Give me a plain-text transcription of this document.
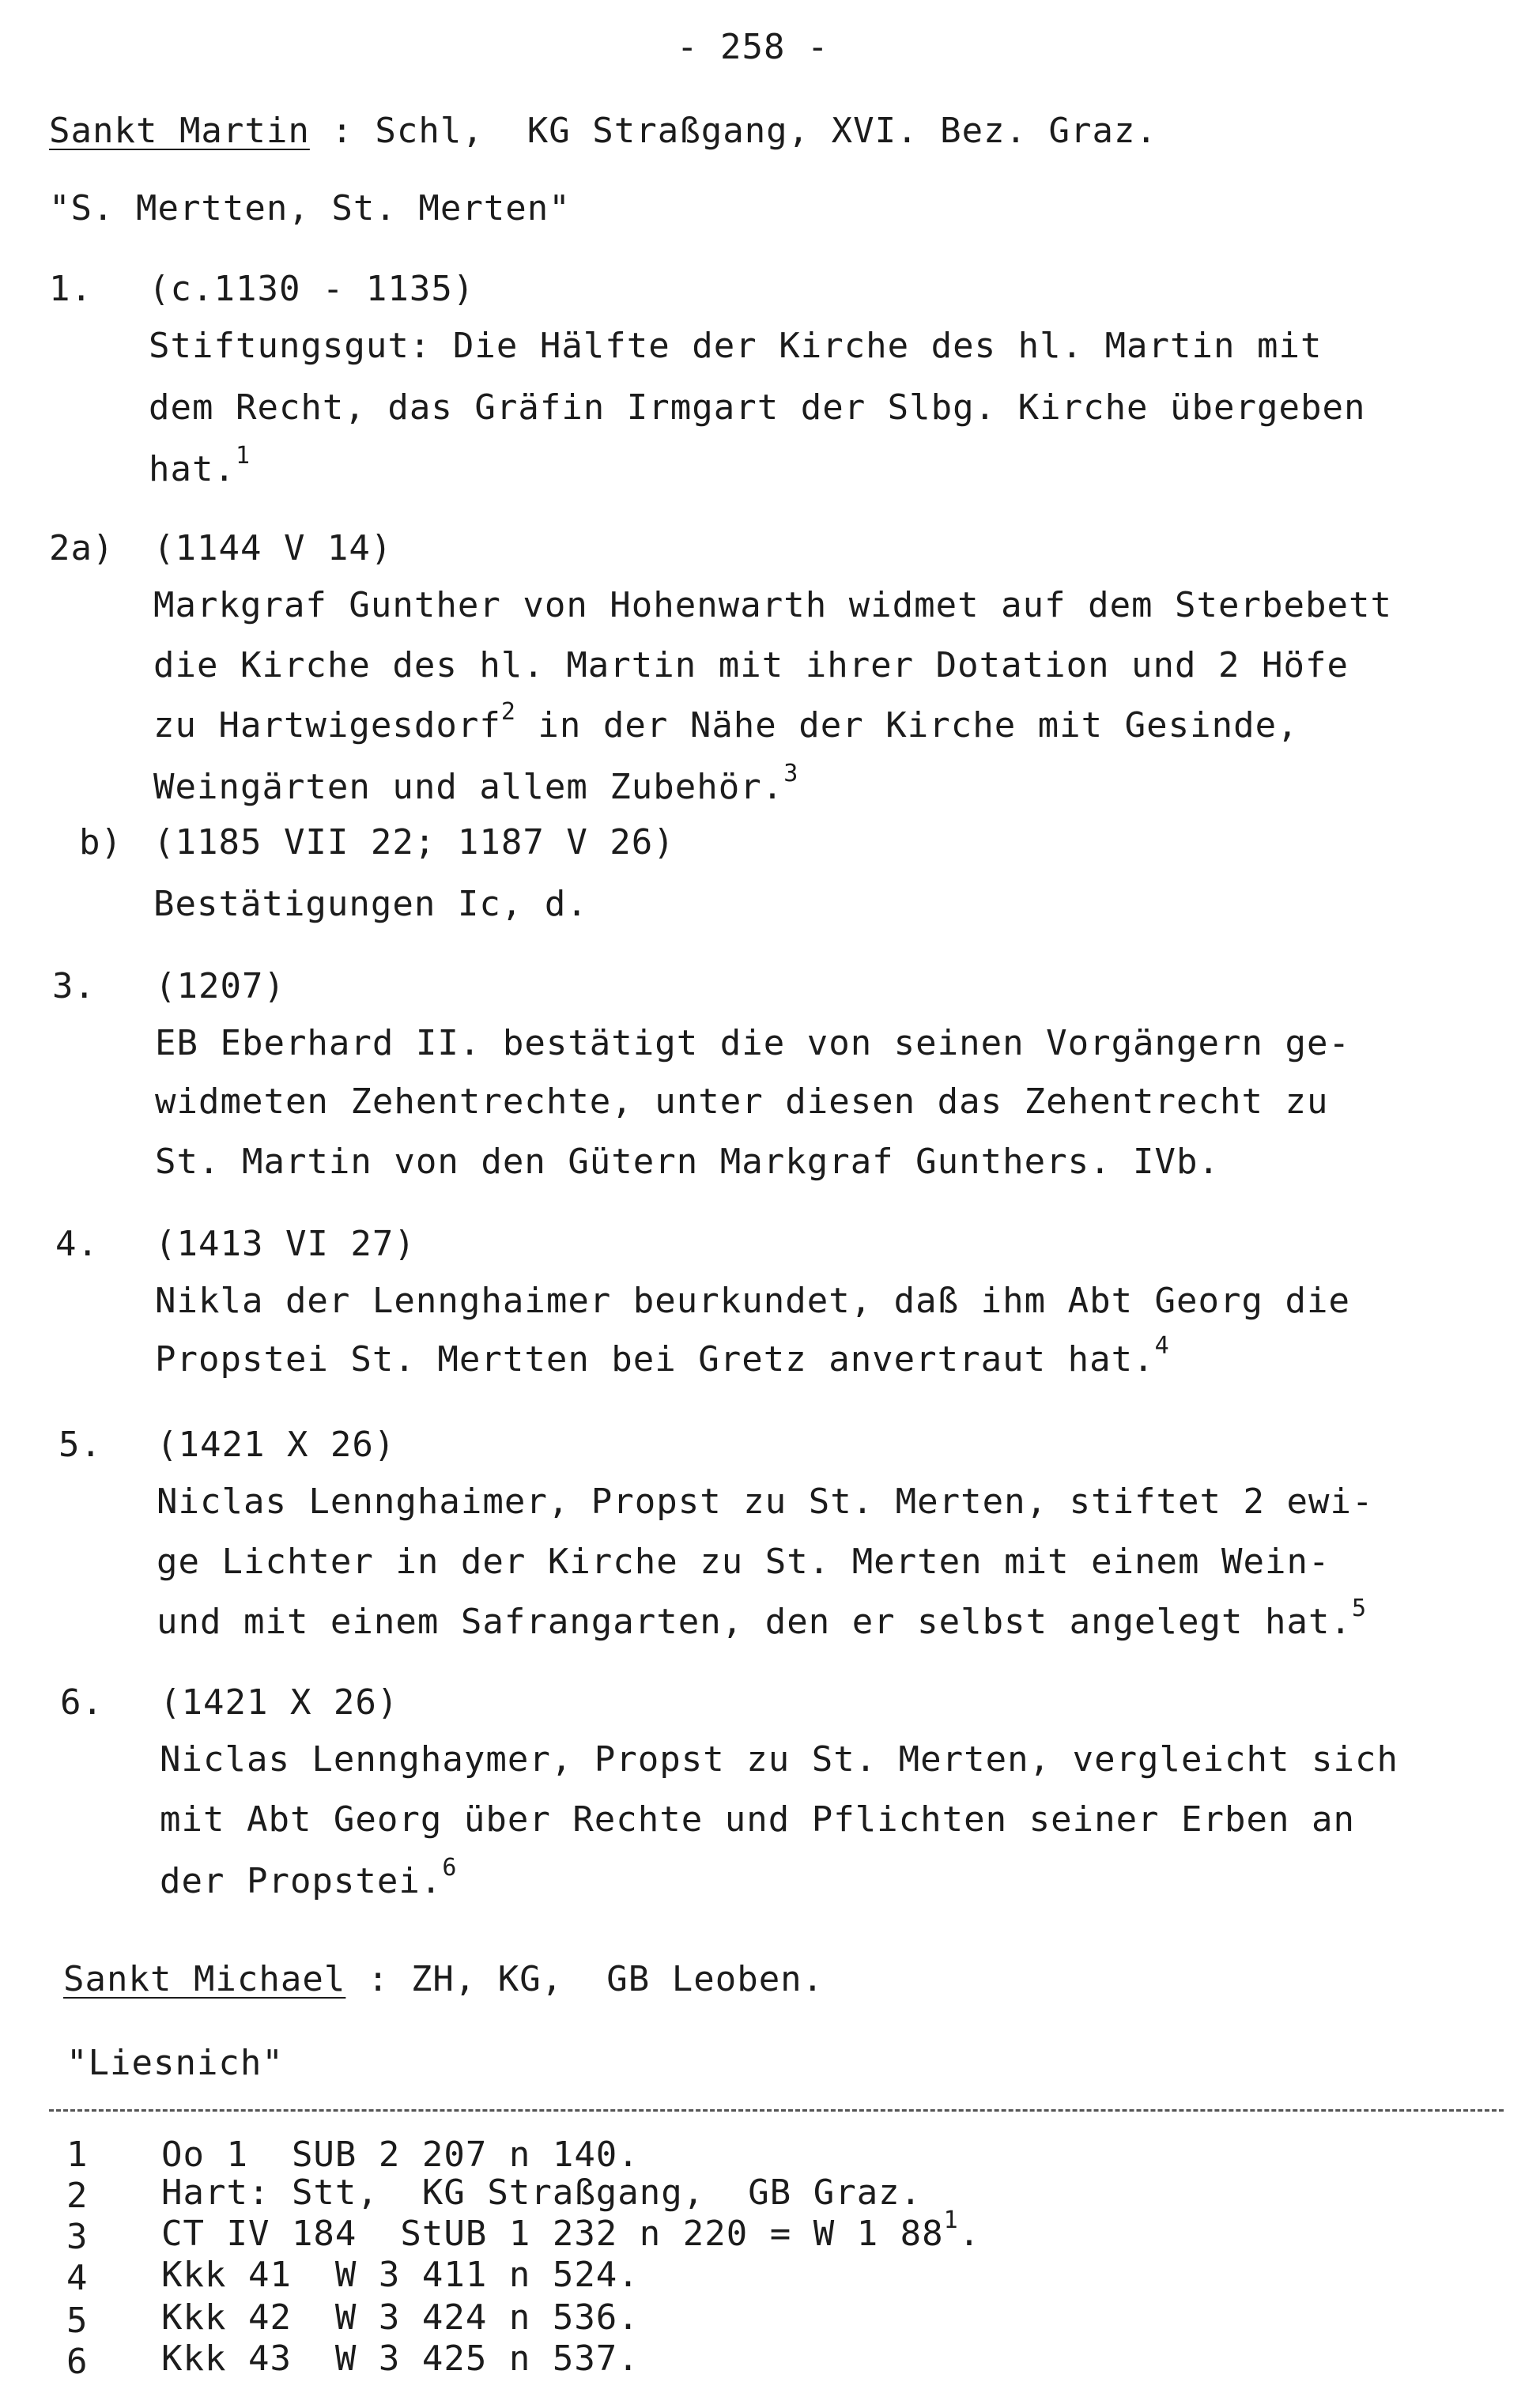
- 258 -
Sankt Martin : Schl,  KG Straßgang, XVI. Bez. Graz.
"S. Mertten, St. Merten"
1. (c.1130 - 1135)
Stiftungsgut: Die Hälfte der Kirche des hl. Martin mit
dem Recht, das Gräfin Irmgart der Slbg. Kirche übergeben
hat.$^1$
2a) (1144 V 14)
Markgraf Gunther von Hohenwarth widmet auf dem Sterbebett
die Kirche des hl. Martin mit ihrer Dotation und 2 Höfe
zu Hartwigesdorf$^2$ in der Nähe der Kirche mit Gesinde,
Weingärten und allem Zubehör.$^3$
b) (1185 VII 22; 1187 V 26)
Bestätigungen Ic, d.
3. (1207)
EB Eberhard II. bestätigt die von seinen Vorgängern ge-
widmeten Zehentrechte, unter diesen das Zehentrecht zu
St. Martin von den Gütern Markgraf Gunthers. IVb.
4. (1413 VI 27)
Nikla der Lennghaimer beurkundet, daß ihm Abt Georg die
Propstei St. Mertten bei Gretz anvertraut hat.$^4$
5. (1421 X 26)
Niclas Lennghaimer, Propst zu St. Merten, stiftet 2 ewi-
ge Lichter in der Kirche zu St. Merten mit einem Wein-
und mit einem Safrangarten, den er selbst angelegt hat.$^5$
6. (1421 X 26)
Niclas Lennghaymer, Propst zu St. Merten, vergleicht sich
mit Abt Georg über Rechte und Pflichten seiner Erben an
der Propstei.$^6$
Sankt Michael : ZH, KG,  GB Leoben.
"Liesnich"
1 Oo 1  SUB 2 207 n 140.
2 Hart: Stt,  KG Straßgang,  GB Graz.
3 CT IV 184  StUB 1 232 n 220 = W 1 88$^1$.
4 Kkk 41  W 3 411 n 524.
5 Kkk 42  W 3 424 n 536.
6 Kkk 43  W 3 425 n 537.
